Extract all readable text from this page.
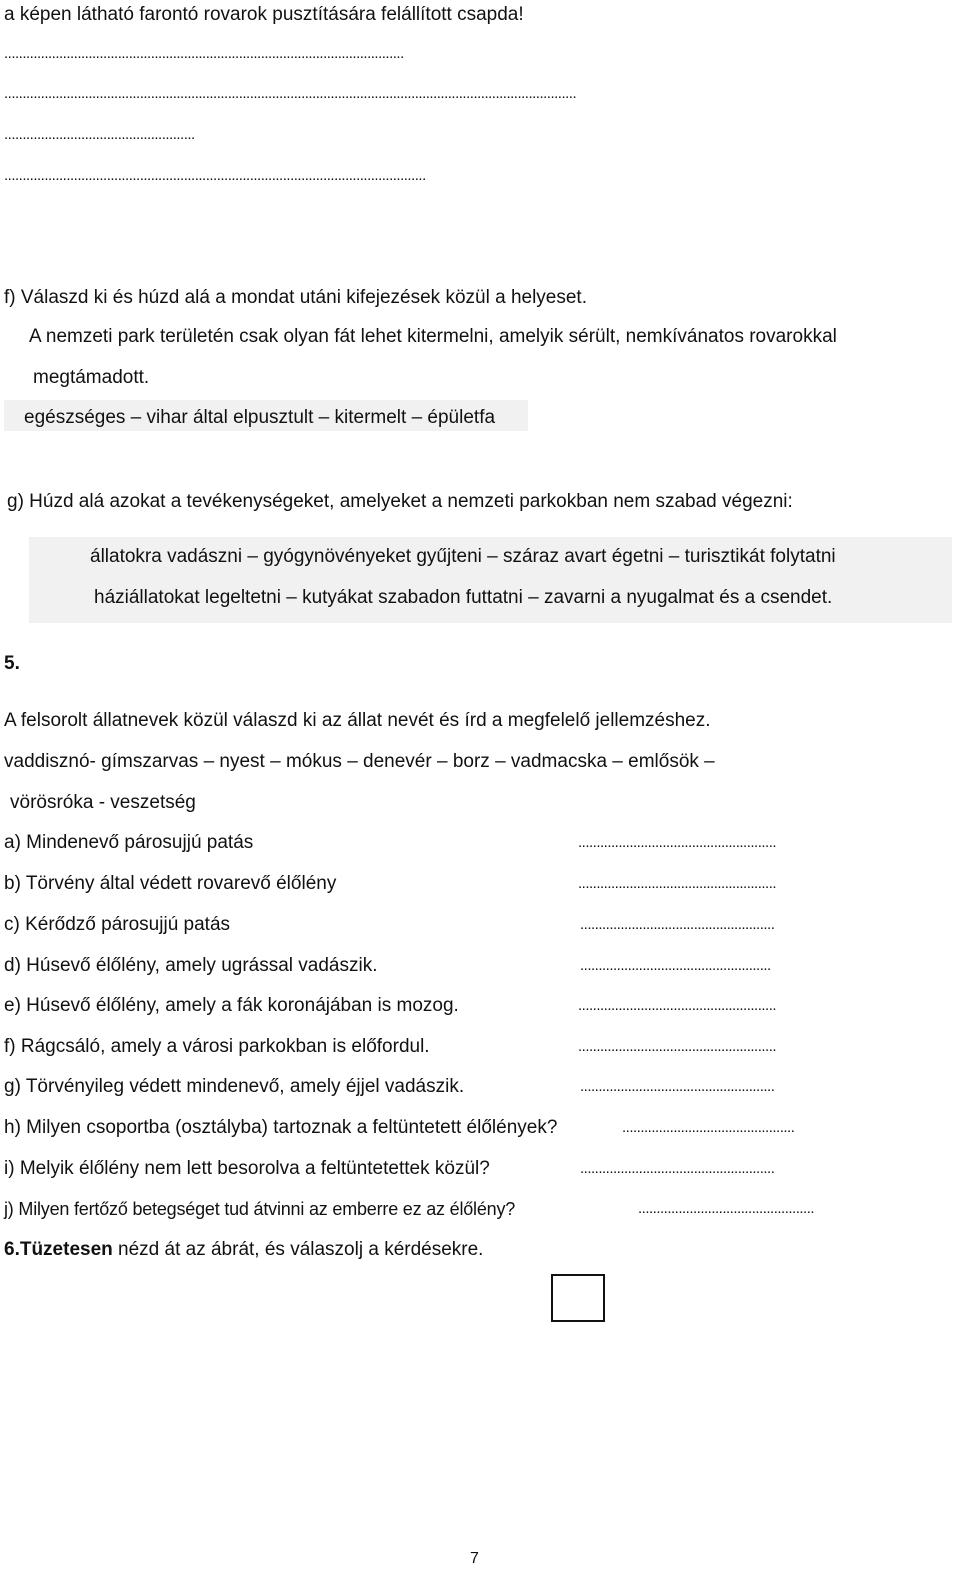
a képen látható farontó rovarok pusztítására felállított csapda!
.............................................................................................................
............................................................................................................................................................
....................................................
...................................................................................................................
f) Válaszd ki és húzd alá a mondat utáni kifejezések közül a helyeset.
A nemzeti park területén csak olyan fát lehet kitermelni, amelyik sérült, nemkívánatos rovarokkal
megtámadott.
egészséges – vihar által elpusztult – kitermelt – épületfa
g) Húzd alá azokat a tevékenységeket, amelyeket a nemzeti parkokban nem szabad végezni:
állatokra vadászni – gyógynövényeket gyűjteni – száraz avart égetni – turisztikát folytatni
háziállatokat legeltetni – kutyákat szabadon futtatni – zavarni a nyugalmat és a csendet.
5.
A felsorolt állatnevek közül válaszd ki az állat nevét és írd a megfelelő jellemzéshez.
vaddisznó- gímszarvas – nyest – mókus – denevér – borz – vadmacska – emlősök –
vörösróka - veszetség
a) Mindenevő párosujjú patás	......................................................
b) Törvény által védett rovarevő élőlény	......................................................
c) Kérődző párosujjú patás	.....................................................
d) Húsevő élőlény, amely ugrással vadászik.	....................................................
e) Húsevő élőlény, amely a fák koronájában is mozog.	......................................................
f) Rágcsáló, amely a városi parkokban is előfordul.	......................................................
g) Törvényileg védett mindenevő, amely éjjel vadászik.	.....................................................
h) Milyen csoportba (osztályba) tartoznak a feltüntetett élőlények?	...............................................
i) Melyik élőlény nem lett besorolva a feltüntetettek közül?	.....................................................
j) Milyen fertőző betegséget tud átvinni az emberre ez az élőlény?	................................................
6.Tüzetesen nézd át az ábrát, és válaszolj a kérdésekre.
7
